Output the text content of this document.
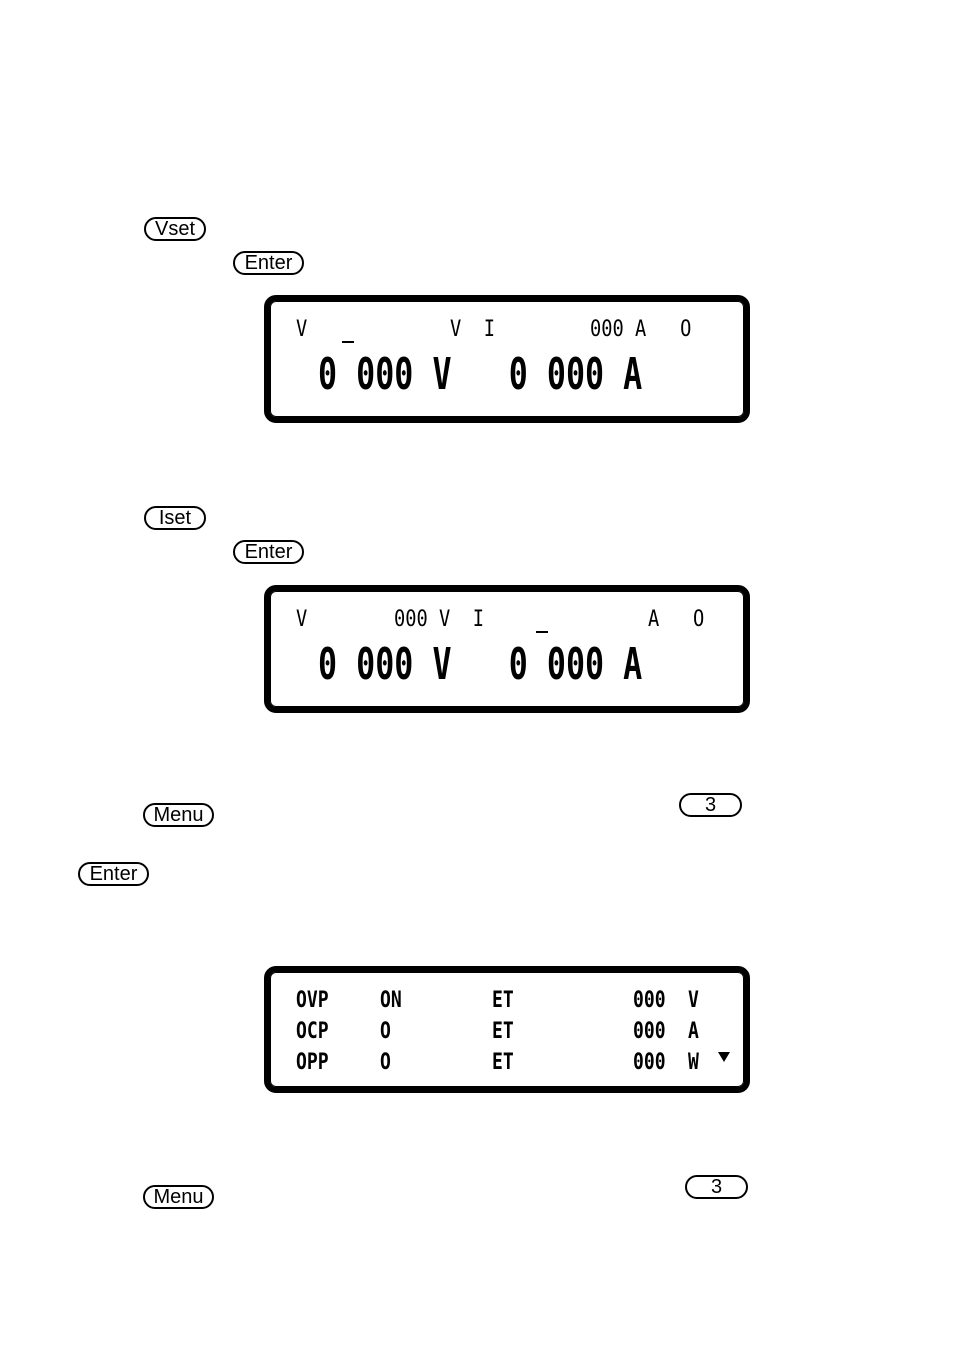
Vset
Enter
V	V  I	000 A   O
0 000 V   0 000 A
Iset
Enter
V	000 V  I	A   O
0 000 V   0 000 A
Menu	3
Enter
OVP ON	ET	000 V
OCP O	ET	000 A
OPP O	ET	000 W
Menu	3
